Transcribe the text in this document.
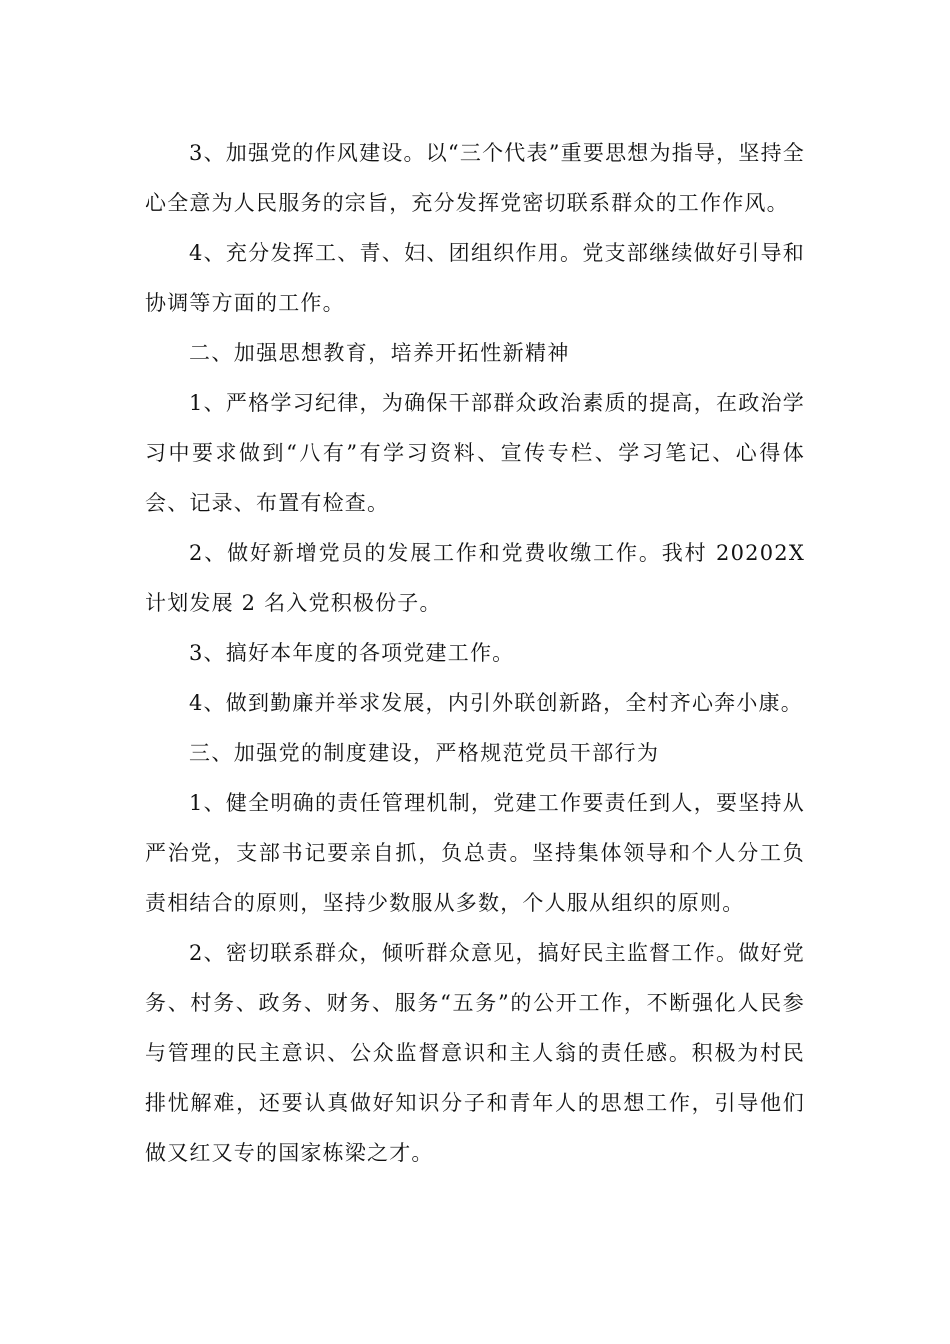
3、加强党的作风建设。以“三个代表”重要思想为指导，坚持全心全意为人民服务的宗旨，充分发挥党密切联系群众的工作作风。

4、充分发挥工、青、妇、团组织作用。党支部继续做好引导和协调等方面的工作。

二、加强思想教育，培养开拓性新精神

1、严格学习纪律，为确保干部群众政治素质的提高，在政治学习中要求做到“八有”有学习资料、宣传专栏、学习笔记、心得体会、记录、布置有检查。

2、做好新增党员的发展工作和党费收缴工作。我村 20202X 计划发展 2 名入党积极份子。

3、搞好本年度的各项党建工作。

4、做到勤廉并举求发展，内引外联创新路，全村齐心奔小康。

三、加强党的制度建设，严格规范党员干部行为

1、健全明确的责任管理机制，党建工作要责任到人，要坚持从严治党，支部书记要亲自抓，负总责。坚持集体领导和个人分工负责相结合的原则，坚持少数服从多数，个人服从组织的原则。

2、密切联系群众，倾听群众意见，搞好民主监督工作。做好党务、村务、政务、财务、服务“五务”的公开工作，不断强化人民参与管理的民主意识、公众监督意识和主人翁的责任感。积极为村民排忧解难，还要认真做好知识分子和青年人的思想工作，引导他们做又红又专的国家栋梁之才。
